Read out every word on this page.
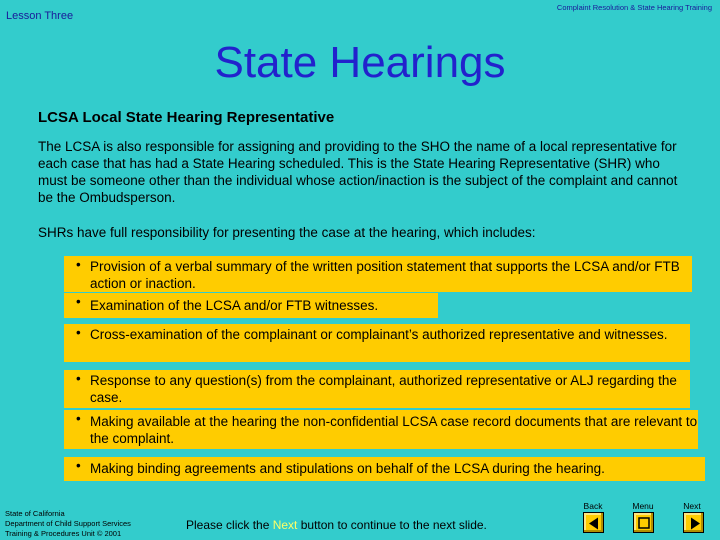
Lesson Three
Complaint Resolution & State Hearing Training
State Hearings
LCSA Local State Hearing Representative

The LCSA is also responsible for assigning and providing to the SHO the name of a local representative for each case that has had a State Hearing scheduled. This is the State Hearing Representative (SHR) who must be someone other than the individual whose action/inaction is the subject of the complaint and cannot be the Ombudsperson.

SHRs have full responsibility for presenting the case at the hearing, which includes:

• Provision of a verbal summary of the written position statement that supports the LCSA and/or FTB action or inaction.
• Examination of the LCSA and/or FTB witnesses.
• Cross-examination of the complainant or complainant’s authorized representative and witnesses.
• Response to any question(s) from the complainant, authorized representative or ALJ regarding the case.
• Making available at the hearing the non-confidential LCSA case record documents that are relevant to the complaint.
• Making binding agreements and stipulations on behalf of the LCSA during the hearing.
State of California
Department of Child Support Services
Training & Procedures Unit © 2001
Please click the Next button to continue to the next slide.
Back	Menu	Next
